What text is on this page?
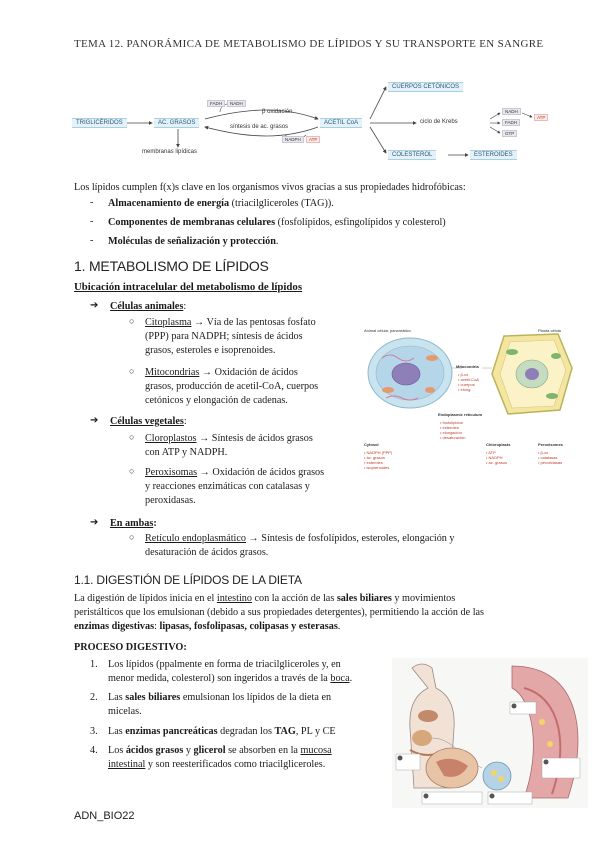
TEMA 12. PANORÁMICA DE METABOLISMO DE LÍPIDOS Y SU TRANSPORTE EN SANGRE
TRIGLICÉRIDOS	AC. GRASOS
membranas lipídicas
FADH	NADH
β oxidación
síntesis de ac. grasos
NADPH	ATP
ACETIL CoA
CUERPOS CETÓNICOS
ciclo de Krebs
NADH
FADH
GTP
ATP
COLESTEROL	ESTEROIDES
Los lípidos cumplen f(x)s clave en los organismos vivos gracias a sus propiedades hidrofóbicas:
- Almacenamiento de energía (triacilgliceroles (TAG)).
- Componentes de membranas celulares (fosfolípidos, esfingolípidos y colesterol)
- Moléculas de señalización y protección.
1. METABOLISMO DE LÍPIDOS
Ubicación intracelular del metabolismo de lípidos
➔ Células animales:
○ Citoplasma → Vía de las pentosas fosfato
(PPP) para NADPH; síntesis de ácidos
grasos, esteroles e isoprenoides.
○ Mitocondrias → Oxidación de ácidos
grasos, producción de acetil-CoA, cuerpos
cetónicos y elongación de cadenas.
➔ Células vegetales:
○ Cloroplastos → Síntesis de ácidos grasos
con ATP y NADPH.
○ Peroxisomas → Oxidación de ácidos grasos
y reacciones enzimáticas con catalasas y
peroxidasas.
➔ En ambas:
○ Retículo endoplasmático → Síntesis de fosfolípidos, esteroles, elongación y
desaturación de ácidos grasos.
Animal célula, pancreático	Planta célula
Mitocondria
• β-ox
• acetil-CoA
• cuerpos
• elong.
Endoplasmic reticulum
• fosfolípidos
• esteroles
• elongación
• desaturación
Cytosol
• NADPH (PPP)
• ác. grasos
• esteroles
• isoprenoides
Chloroplasts
• ATP
• NADPH
• ác. grasos
Peroxisomes
• β-ox
• catalasas
• peroxidasas
1.1. DIGESTIÓN DE LÍPIDOS DE LA DIETA
La digestión de lípidos inicia en el intestino con la acción de las sales biliares y movimientos
peristálticos que los emulsionan (debido a sus propiedades detergentes), permitiendo la acción de las
enzimas digestivas: lipasas, fosfolipasas, colipasas y esterasas.
PROCESO DIGESTIVO:
1. Los lípidos (ppalmente en forma de triacilgliceroles y, en
menor medida, colesterol) son ingeridos a través de la boca.
2. Las sales biliares emulsionan los lípidos de la dieta en
micelas.
3. Las enzimas pancreáticas degradan los TAG, PL y CE
4. Los ácidos grasos y glicerol se absorben en la mucosa
intestinal y son reesterificados como triacilgliceroles.
ADN_BIO22
